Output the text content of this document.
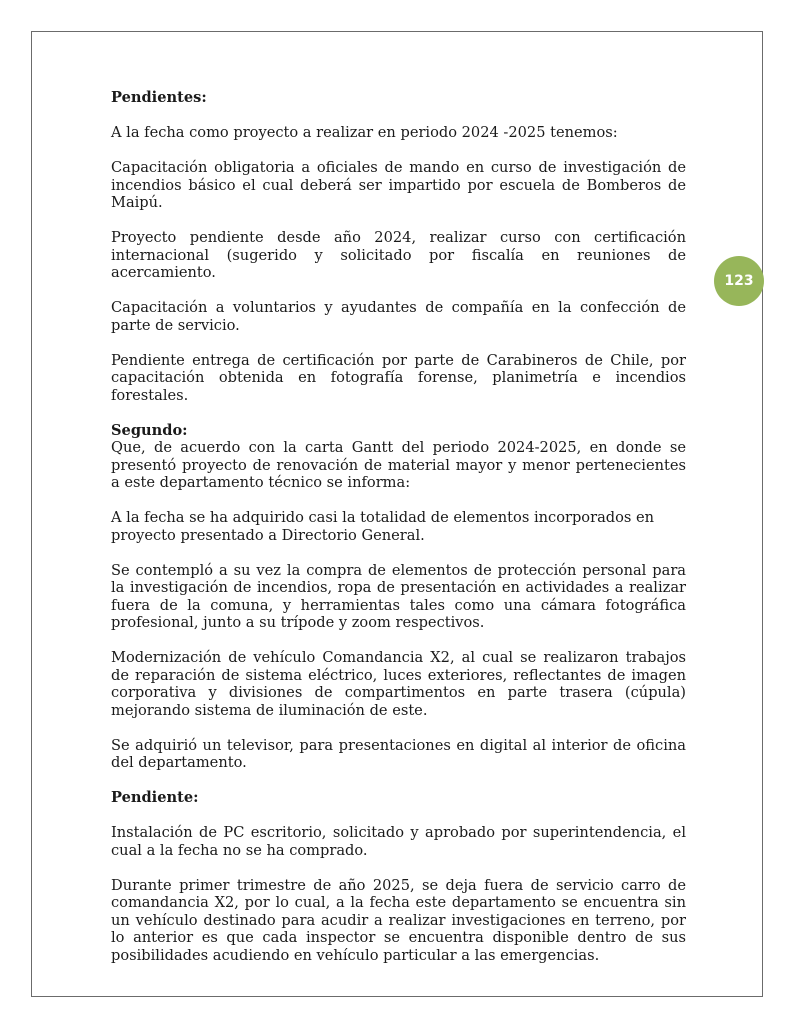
Pendientes:

A la fecha como proyecto a realizar en periodo 2024 -2025 tenemos:

Capacitación obligatoria a oficiales de mando en curso de investigación de incendios básico el cual deberá ser impartido por escuela de Bomberos de Maipú.

Proyecto pendiente desde año 2024, realizar curso con certificación internacional (sugerido y solicitado por fiscalía en reuniones de acercamiento.

Capacitación a voluntarios y ayudantes de compañía en la confección de parte de servicio.

Pendiente entrega de certificación por parte de Carabineros de Chile, por capacitación obtenida en fotografía forense, planimetría e incendios forestales.

Segundo:

Que, de acuerdo con la carta Gantt del periodo 2024-2025, en donde se presentó proyecto de renovación de material mayor y menor pertenecientes a este departamento técnico se informa:

A la fecha se ha adquirido casi la totalidad de elementos incorporados en proyecto presentado a Directorio General.

Se contempló a su vez la compra de elementos de protección personal para la investigación de incendios, ropa de presentación en actividades a realizar fuera de la comuna, y herramientas tales como una cámara fotográfica profesional, junto a su trípode y zoom respectivos.

Modernización de vehículo Comandancia X2, al cual se realizaron trabajos de reparación de sistema eléctrico, luces exteriores, reflectantes de imagen corporativa y divisiones de compartimentos en parte trasera (cúpula) mejorando sistema de iluminación de este.

Se adquirió un televisor, para presentaciones en digital al interior de oficina del departamento.

Pendiente:

Instalación de PC escritorio, solicitado y aprobado por superintendencia, el cual a la fecha no se ha comprado.

Durante primer trimestre de año 2025, se deja fuera de servicio carro de comandancia X2, por lo cual, a la fecha este departamento se encuentra sin un vehículo destinado para acudir a realizar investigaciones en terreno, por lo anterior es que cada inspector se encuentra disponible dentro de sus posibilidades acudiendo en vehículo particular a las emergencias.

123
